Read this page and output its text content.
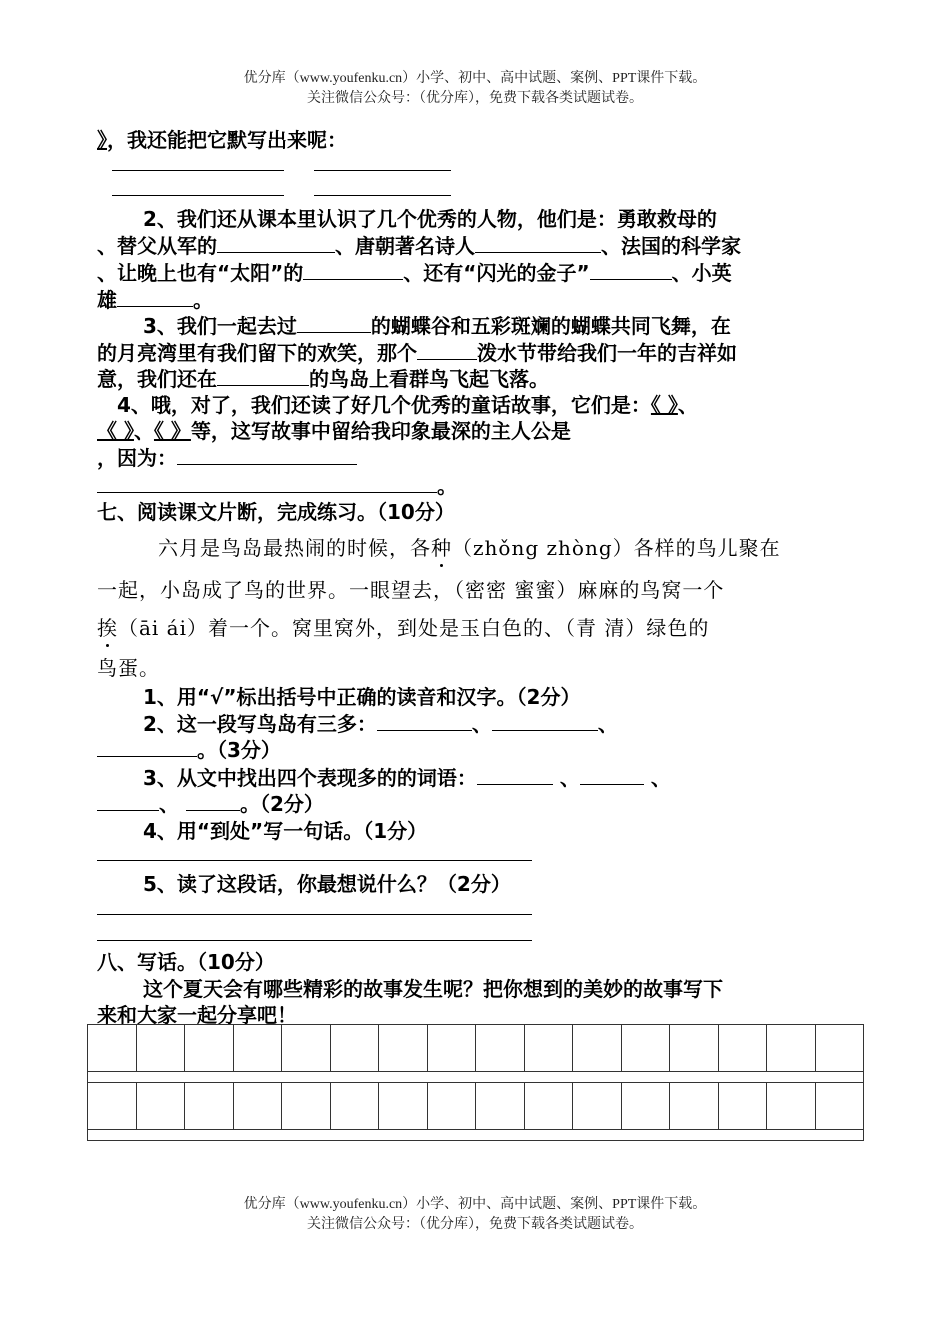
优分库（www.youfenku.cn）小学、初中、高中试题、案例、PPT课件下载。
关注微信公众号：（优分库），免费下载各类试题试卷。
》，我还能把它默写出来呢：
2、我们还从课本里认识了几个优秀的人物，他们是：勇敢救母的
、替父从军的	、唐朝著名诗人	、法国的科学家
、让晚上也有“太阳”的	、还有“闪光的金子”	、小英
雄	。
3、我们一起去过	的蝴蝶谷和五彩斑斓的蝴蝶共同飞舞，在
的月亮湾里有我们留下的欢笑，那个	泼水节带给我们一年的吉祥如
意，我们还在	的鸟岛上看群鸟飞起飞落。
4、哦，对了，我们还读了好几个优秀的童话故事，它们是：《 》、
《 》、《 》等，这写故事中留给我印象最深的主人公是
，因为：
。
七、阅读课文片断，完成练习。（10分）
六月是鸟岛最热闹的时候，各种（zhǒng zhòng）各样的鸟儿聚在
一起，小岛成了鸟的世界。一眼望去，（密密 蜜蜜）麻麻的鸟窝一个
挨（āi ái）着一个。窝里窝外，到处是玉白色的、（青 清）绿色的
鸟蛋。
1、用“√”标出括号中正确的读音和汉字。（2分）
2、这一段写鸟岛有三多：	、	、
。（3分）
3、从文中找出四个表现多的的词语：	、	、
、	。（2分）
4、用“到处”写一句话。（1分）
5、读了这段话，你最想说什么？（2分）
八、写话。（10分）
这个夏天会有哪些精彩的故事发生呢？把你想到的美妙的故事写下
来和大家一起分享吧！
优分库（www.youfenku.cn）小学、初中、高中试题、案例、PPT课件下载。
关注微信公众号：（优分库），免费下载各类试题试卷。
